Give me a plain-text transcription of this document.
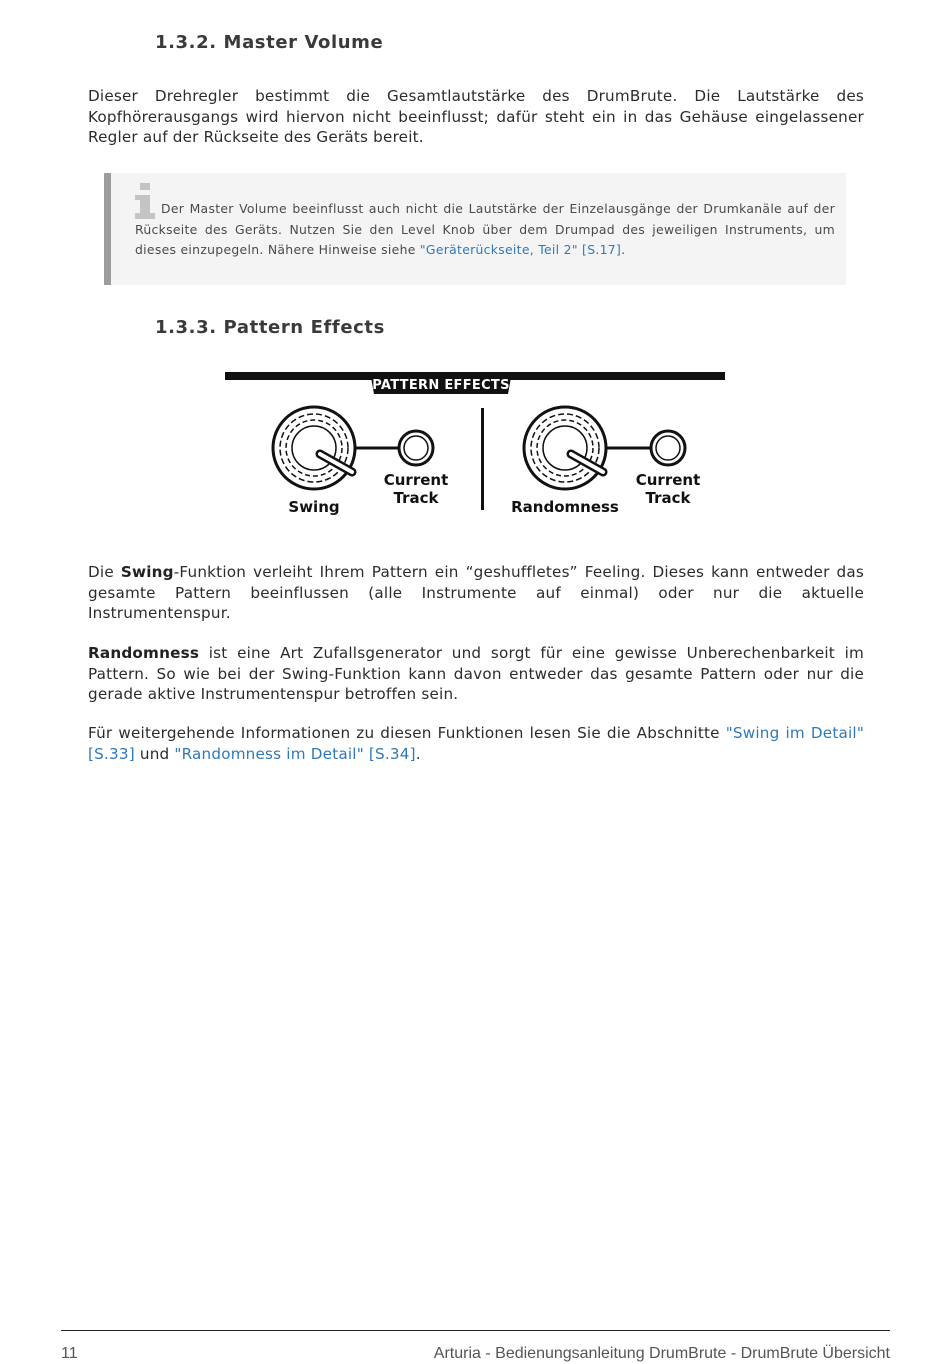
1.3.2. Master Volume

Dieser Drehregler bestimmt die Gesamtlautstärke des DrumBrute. Die Lautstärke des Kopfhörerausgangs wird hiervon nicht beeinflusst; dafür steht ein in das Gehäuse eingelassener Regler auf der Rückseite des Geräts bereit.

Der Master Volume beeinflusst auch nicht die Lautstärke der Einzelausgänge der Drumkanäle auf der Rückseite des Geräts. Nutzen Sie den Level Knob über dem Drumpad des jeweiligen Instruments, um dieses einzupegeln. Nähere Hinweise siehe "Geräterückseite, Teil 2" [S.17].

1.3.3. Pattern Effects
PATTERN EFFECTS
Swing
Current
Track	Randomness
Current
Track

Die Swing-Funktion verleiht Ihrem Pattern ein “geshuffletes” Feeling. Dieses kann entweder das gesamte Pattern beeinflussen (alle Instrumente auf einmal) oder nur die aktuelle Instrumentenspur.

Randomness ist eine Art Zufallsgenerator und sorgt für eine gewisse Unberechenbarkeit im Pattern. So wie bei der Swing-Funktion kann davon entweder das gesamte Pattern oder nur die gerade aktive Instrumentenspur betroffen sein.

Für weitergehende Informationen zu diesen Funktionen lesen Sie die Abschnitte "Swing im Detail" [S.33] und "Randomness im Detail" [S.34].

11	Arturia - Bedienungsanleitung DrumBrute - DrumBrute Übersicht
